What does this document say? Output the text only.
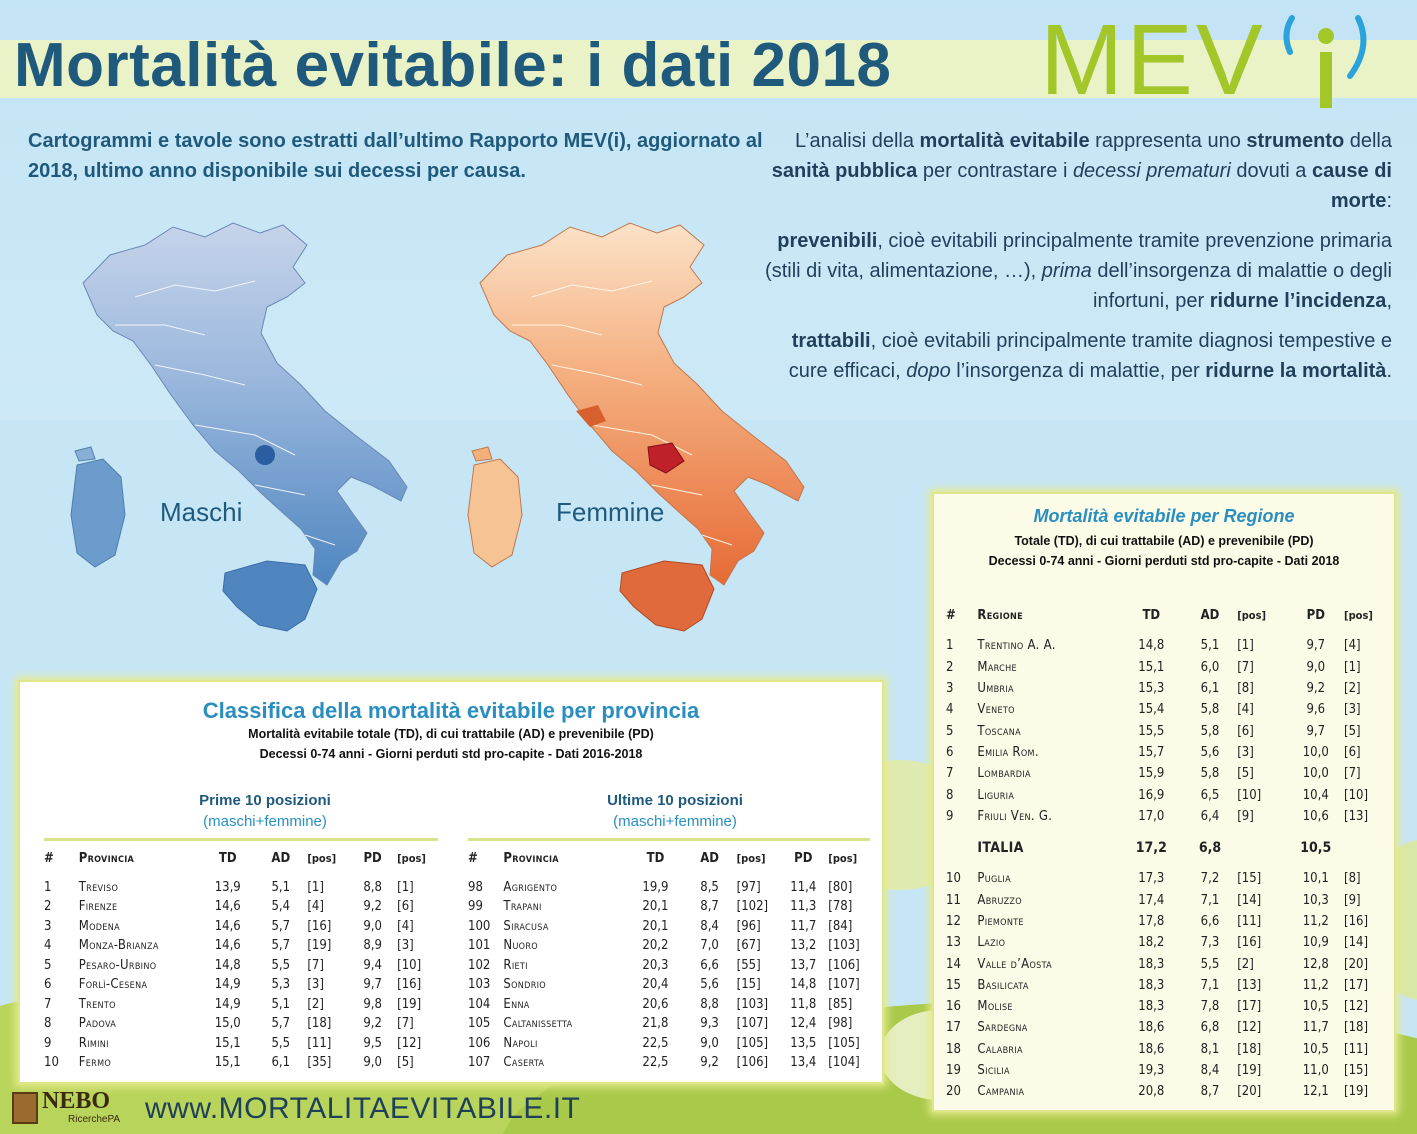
Mortalità evitabile: i dati 2018 MEV
Cartogrammi e tavole sono estratti dall’ultimo Rapporto MEV(i), aggiornato al 2018, ultimo anno disponibile sui decessi per causa.

L’analisi della mortalità evitabile rappresenta uno strumento della sanità pubblica per contrastare i decessi prematuri dovuti a cause di morte:

prevenibili, cioè evitabili principalmente tramite prevenzione primaria (stili di vita, alimentazione, …), prima dell’insorgenza di malattie o degli infortuni, per ridurne l’incidenza,

trattabili, cioè evitabili principalmente tramite diagnosi tempestive e cure efficaci, dopo l’insorgenza di malattie, per ridurne la mortalità.

Maschi	Femmine
Classifica della mortalità evitabile per provincia
Mortalità evitabile totale (TD), di cui trattabile (AD) e prevenibile (PD)
Decessi 0-74 anni - Giorni perduti std pro-capite - Dati 2016-2018
Prime 10 posizioni
(maschi+femmine)
Ultime 10 posizioni
(maschi+femmine)
#	Provincia	TD	AD	[pos]	PD	[pos]

1	Treviso	13,9	5,1	[1]	8,8	[1]
2	Firenze	14,6	5,4	[4]	9,2	[6]
3	Modena	14,6	5,7	[16]	9,0	[4]
4	Monza-Brianza	14,6	5,7	[19]	8,9	[3]
5	Pesaro-Urbino	14,8	5,5	[7]	9,4	[10]
6	Forlì-Cesena	14,9	5,3	[3]	9,7	[16]
7	Trento	14,9	5,1	[2]	9,8	[19]
8	Padova	15,0	5,7	[18]	9,2	[7]
9	Rimini	15,1	5,5	[11]	9,5	[12]
10	Fermo	15,1	6,1	[35]	9,0	[5]
#	Provincia	TD	AD	[pos]	PD	[pos]

98	Agrigento	19,9	8,5	[97]	11,4	[80]
99	Trapani	20,1	8,7	[102]	11,3	[78]
100	Siracusa	20,1	8,4	[96]	11,7	[84]
101	Nuoro	20,2	7,0	[67]	13,2	[103]
102	Rieti	20,3	6,6	[55]	13,7	[106]
103	Sondrio	20,4	5,6	[15]	14,8	[107]
104	Enna	20,6	8,8	[103]	11,8	[85]
105	Caltanissetta	21,8	9,3	[107]	12,4	[98]
106	Napoli	22,5	9,0	[105]	13,5	[105]
107	Caserta	22,5	9,2	[106]	13,4	[104]
Mortalità evitabile per Regione
Totale (TD), di cui trattabile (AD) e prevenibile (PD)
Decessi 0-74 anni - Giorni perduti std pro-capite - Dati 2018
#	Regione	TD	AD	[pos]	PD	[pos]

1	Trentino A. A.	14,8	5,1	[1]	9,7	[4]
2	Marche	15,1	6,0	[7]	9,0	[1]
3	Umbria	15,3	6,1	[8]	9,2	[2]
4	Veneto	15,4	5,8	[4]	9,6	[3]
5	Toscana	15,5	5,8	[6]	9,7	[5]
6	Emilia Rom.	15,7	5,6	[3]	10,0	[6]
7	Lombardia	15,9	5,8	[5]	10,0	[7]
8	Liguria	16,9	6,5	[10]	10,4	[10]
9	Friuli Ven. G.	17,0	6,4	[9]	10,6	[13]
	ITALIA	17,2	6,8		10,5	
10	Puglia	17,3	7,2	[15]	10,1	[8]
11	Abruzzo	17,4	7,1	[14]	10,3	[9]
12	Piemonte	17,8	6,6	[11]	11,2	[16]
13	Lazio	18,2	7,3	[16]	10,9	[14]
14	Valle d’Aosta	18,3	5,5	[2]	12,8	[20]
15	Basilicata	18,3	7,1	[13]	11,2	[17]
16	Molise	18,3	7,8	[17]	10,5	[12]
17	Sardegna	18,6	6,8	[12]	11,7	[18]
18	Calabria	18,6	8,1	[18]	10,5	[11]
19	Sicilia	19,3	8,4	[19]	11,0	[15]
20	Campania	20,8	8,7	[20]	12,1	[19]
NEBO
RicerchePA www.MORTALITAEVITABILE.IT
